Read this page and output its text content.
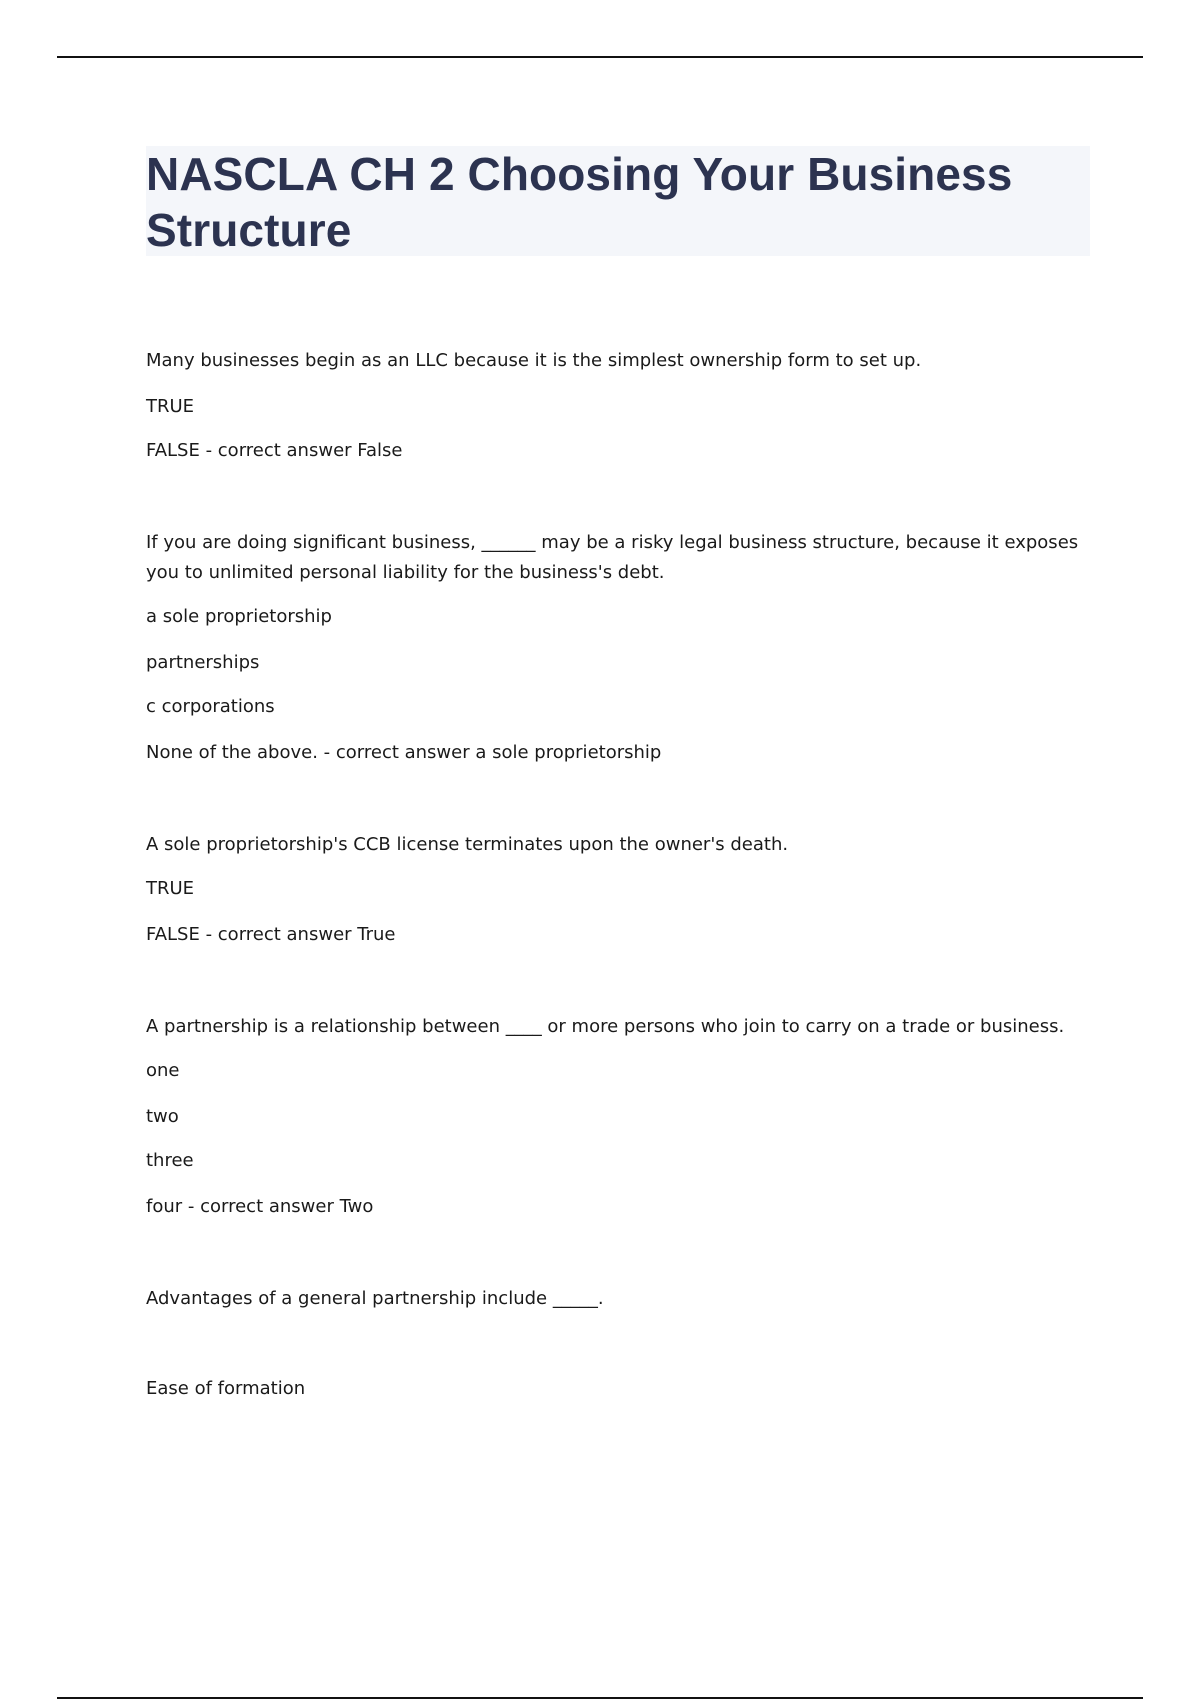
NASCLA CH 2 Choosing Your Business Structure

Many businesses begin as an LLC because it is the simplest ownership form to set up.

TRUE

FALSE - correct answer False

If you are doing significant business, ______ may be a risky legal business structure, because it exposes you to unlimited personal liability for the business's debt.

a sole proprietorship

partnerships

c corporations

None of the above. - correct answer a sole proprietorship

A sole proprietorship's CCB license terminates upon the owner's death.

TRUE

FALSE - correct answer True

A partnership is a relationship between ____ or more persons who join to carry on a trade or business.

one

two

three

four - correct answer Two

Advantages of a general partnership include _____.

Ease of formation
